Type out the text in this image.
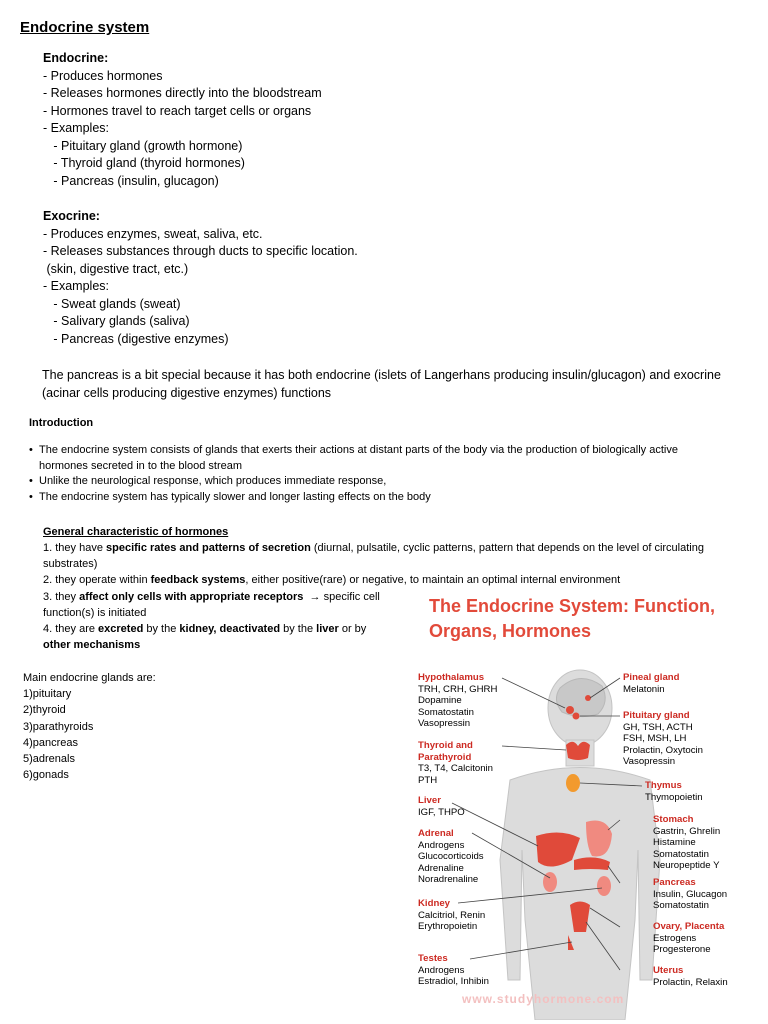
Endocrine system
Endocrine:
- Produces hormones
- Releases hormones directly into the bloodstream
- Hormones travel to reach target cells or organs
- Examples:
- Pituitary gland (growth hormone)
- Thyroid gland (thyroid hormones)
- Pancreas (insulin, glucagon)
Exocrine:
- Produces enzymes, sweat, saliva, etc.
- Releases substances through ducts to specific location.
(skin, digestive tract, etc.)
- Examples:
- Sweat glands (sweat)
- Salivary glands (saliva)
- Pancreas (digestive enzymes)
The pancreas is a bit special because it has both endocrine (islets of Langerhans producing insulin/glucagon) and exocrine (acinar cells producing digestive enzymes) functions
Introduction
• The endocrine system consists of glands that exerts their actions at distant parts of the body via the production of biologically active
hormones secreted in to the blood stream
• Unlike the neurological response, which produces immediate response,
• The endocrine system has typically slower and longer lasting effects on the body
General characteristic of hormones
1. they have specific rates and patterns of secretion (diurnal, pulsatile, cyclic patterns, pattern that depends on the level of circulating substrates)
2. they operate within feedback systems, either positive(rare) or negative, to maintain an optimal internal environment
3. they affect only cells with appropriate receptors  → specific cell
function(s) is initiated
4. they are excreted by the kidney, deactivated by the liver or by
other mechanisms
Main endocrine glands are:
1)pituitary
2)thyroid
3)parathyroids
4)pancreas
5)adrenals
6)gonads
The Endocrine System: Function, Organs, Hormones
Hypothalamus
TRH, CRH, GHRH
Dopamine
Somatostatin
Vasopressin
Thyroid and
Parathyroid
T3, T4, Calcitonin
PTH
Liver
IGF, THPO
Adrenal
Androgens
Glucocorticoids
Adrenaline
Noradrenaline
Kidney
Calcitriol, Renin
Erythropoietin
Testes
Androgens
Estradiol, Inhibin
Pineal gland
Melatonin
Pituitary gland
GH, TSH, ACTH
FSH, MSH, LH
Prolactin, Oxytocin
Vasopressin
Thymus
Thymopoietin
Stomach
Gastrin, Ghrelin
Histamine
Somatostatin
Neuropeptide Y
Pancreas
Insulin, Glucagon
Somatostatin
Ovary, Placenta
Estrogens
Progesterone
Uterus
Prolactin, Relaxin
www.studyhormone.com
